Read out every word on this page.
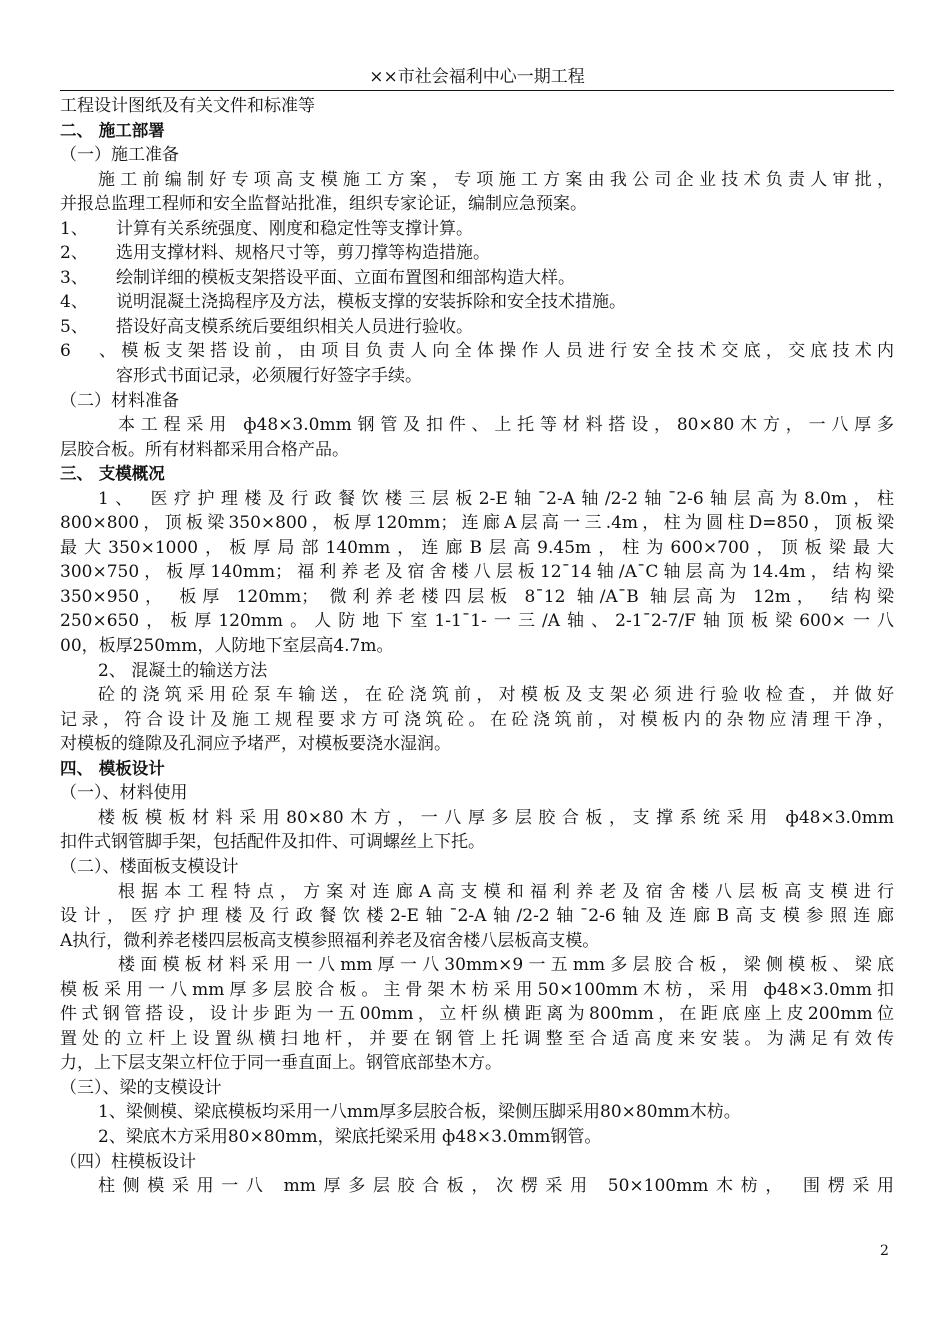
××市社会福利中心一期工程
工程设计图纸及有关文件和标准等
二、 施工部署
（一）施工准备
施工前编制好专项高支模施工方案，专项施工方案由我公司企业技术负责人审批，
并报总监理工程师和安全监督站批准，组织专家论证，编制应急预案。
1、 计算有关系统强度、刚度和稳定性等支撑计算。
2、 选用支撑材料、规格尺寸等，剪刀撑等构造措施。
3、 绘制详细的模板支架搭设平面、立面布置图和细部构造大样。
4、 说明混凝土浇捣程序及方法，模板支撑的安装拆除和安全技术措施。
5、 搭设好高支模系统后要组织相关人员进行验收。
6、模板支架搭设前，由项目负责人向全体操作人员进行安全技术交底，交底技术内
容形式书面记录，必须履行好签字手续。
（二）材料准备
本工程采用 ф48×3.0mm钢管及扣件、上托等材料搭设，80×80木方，一八厚多
层胶合板。所有材料都采用合格产品。
三、 支模概况
1、 医疗护理楼及行政餐饮楼三层板2-E轴¯2-A轴/2-2轴¯2-6轴层高为8.0m，柱
800×800，顶板梁350×800，板厚120mm；连廊A层高一三.4m，柱为圆柱D=850，顶板梁
最大350×1000，板厚局部140mm，连廊B层高9.45m，柱为600×700，顶板梁最大
300×750，板厚140mm；福利养老及宿舍楼八层板12¯14轴/A¯C轴层高为14.4m，结构梁
350×950， 板厚 120mm； 微利养老楼四层板 8¯12 轴/A¯B 轴层高为 12m， 结构梁
250×650，板厚120mm。人防地下室1-1¯1-一三/A轴、2-1¯2-7/F轴顶板梁600×一八
00，板厚250mm，人防地下室层高4.7m。
2、 混凝土的输送方法
砼的浇筑采用砼泵车输送，在砼浇筑前，对模板及支架必须进行验收检查，并做好
记录，符合设计及施工规程要求方可浇筑砼。在砼浇筑前，对模板内的杂物应清理干净，
对模板的缝隙及孔洞应予堵严，对模板要浇水湿润。
四、 模板设计
（一）、材料使用
楼板模板材料采用80×80木方，一八厚多层胶合板，支撑系统采用 ф48×3.0mm
扣件式钢管脚手架，包括配件及扣件、可调螺丝上下托。
（二）、楼面板支模设计
根据本工程特点，方案对连廊A高支模和福利养老及宿舍楼八层板高支模进行
设计，医疗护理楼及行政餐饮楼2-E轴¯2-A轴/2-2轴¯2-6轴及连廊B高支模参照连廊
A执行，微利养老楼四层板高支模参照福利养老及宿舍楼八层板高支模。
楼面模板材料采用一八mm厚一八30mm×9一五mm多层胶合板，梁侧模板、梁底
模板采用一八mm厚多层胶合板。主骨架木枋采用50×100mm木枋，采用 ф48×3.0mm扣
件式钢管搭设，设计步距为一五00mm，立杆纵横距离为800mm，在距底座上皮200mm位
置处的立杆上设置纵横扫地杆，并要在钢管上托调整至合适高度来安装。为满足有效传
力，上下层支架立杆位于同一垂直面上。钢管底部垫木方。
（三）、梁的支模设计
1、梁侧模、梁底模板均采用一八mm厚多层胶合板，梁侧压脚采用80×80mm木枋。
2、梁底木方采用80×80mm，梁底托梁采用 ф48×3.0mm钢管。
（四）柱模板设计
柱侧模采用一八 mm厚多层胶合板，次楞采用 50×100mm木枋， 围楞采用
2
